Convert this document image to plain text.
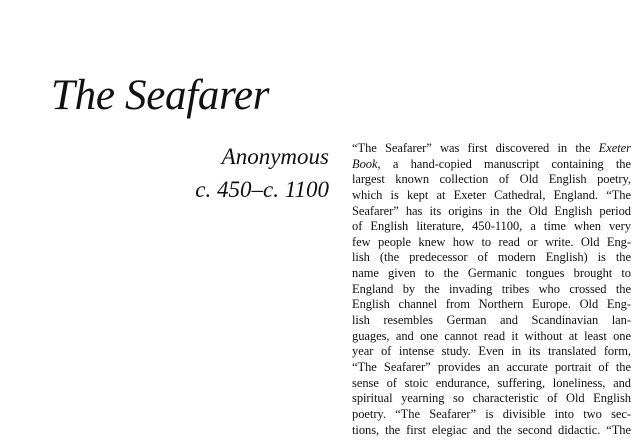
The Seafarer
Anonymous
c. 450–c. 1100
“The Seafarer” was first discovered in the Exeter
Book, a hand-copied manuscript containing the
largest known collection of Old English poetry,
which is kept at Exeter Cathedral, England. “The
Seafarer” has its origins in the Old English period
of English literature, 450-1100, a time when very
few people knew how to read or write. Old Eng-
lish (the predecessor of modern English) is the
name given to the Germanic tongues brought to
England by the invading tribes who crossed the
English channel from Northern Europe. Old Eng-
lish resembles German and Scandinavian lan-
guages, and one cannot read it without at least one
year of intense study. Even in its translated form,
“The Seafarer” provides an accurate portrait of the
sense of stoic endurance, suffering, loneliness, and
spiritual yearning so characteristic of Old English
poetry. “The Seafarer” is divisible into two sec-
tions, the first elegiac and the second didactic. “The
